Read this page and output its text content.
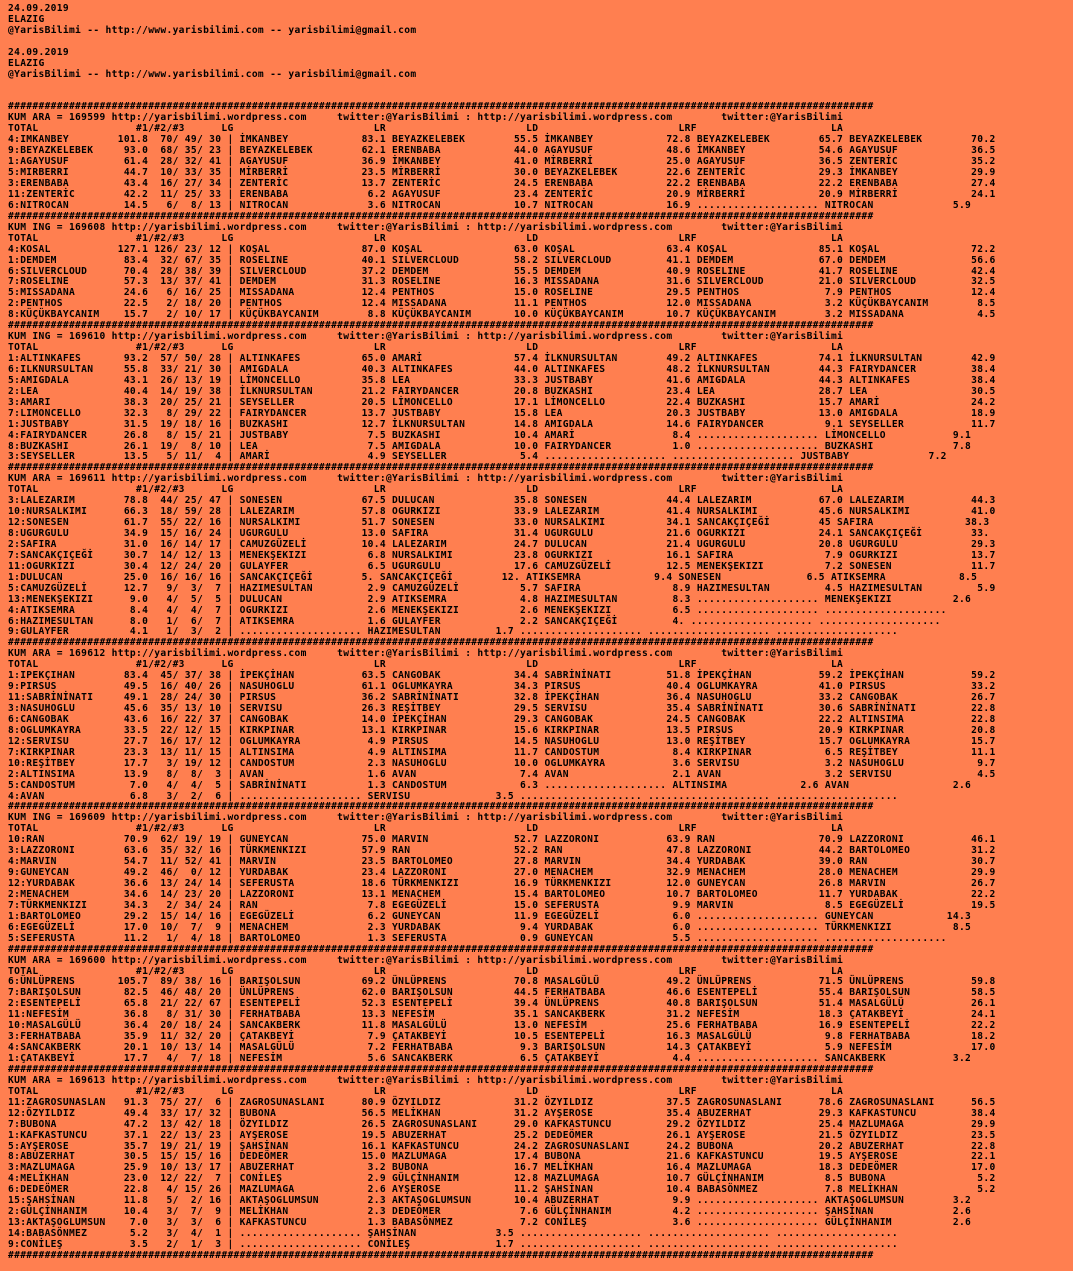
24.09.2019
ELAZIG
@YarisBilimi -- http://www.yarisbilimi.com -- yarisbilimi@gmail.com
24.09.2019
ELAZIG
@YarisBilimi -- http://www.yarisbilimi.com -- yarisbilimi@gmail.com
##############################################################################################################################################
KUM ARA = 169599 http://yarisbilimi.wordpress.com     twitter:@YarisBilimi : http://yarisbilimi.wordpress.com        twitter:@YarisBilimi
TOTAL                #1/#2/#3      LG                       LR                       LD                       LRF                      LA
4:IMKANBEY        101.8  70/ 49/ 30 | İMKANBEY            83.1 BEYAZKELEBEK        55.5 İMKANBEY            72.8 BEYAZKELEBEK        65.7 BEYAZKELEBEK        70.2
9:BEYAZKELEBEK     93.0  68/ 35/ 23 | BEYAZKELEBEK        62.1 ERENBABA            44.0 AGAYUSUF            48.6 İMKANBEY            54.6 AGAYUSUF            36.5
1:AGAYUSUF         61.4  28/ 32/ 41 | AGAYUSUF            36.9 İMKANBEY            41.0 MİRBERRİ            25.0 AGAYUSUF            36.5 ZENTERİC            35.2
5:MIRBERRI         44.7  10/ 33/ 35 | MİRBERRİ            23.5 MİRBERRİ            30.0 BEYAZKELEBEK        22.6 ZENTERİC            29.3 İMKANBEY            29.9
3:ERENBABA         43.4  16/ 27/ 34 | ZENTERİC            13.7 ZENTERİC            24.5 ERENBABA            22.2 ERENBABA            22.2 ERENBABA            27.4
11:ZENTERİC        42.2  11/ 25/ 33 | ERENBABA             6.2 AGAYUSUF            23.4 ZENTERİC            20.9 MİRBERRİ            20.9 MİRBERRİ            24.1
6:NITROCAN         14.5   6/  8/ 13 | NITROCAN             3.6 NITROCAN            10.7 NITROCAN            16.9 .................... NITROCAN             5.9
##############################################################################################################################################
KUM ING = 169608 http://yarisbilimi.wordpress.com     twitter:@YarisBilimi : http://yarisbilimi.wordpress.com        twitter:@YarisBilimi
TOTAL                #1/#2/#3      LG                       LR                       LD                       LRF                      LA
4:KOSAL           127.1 126/ 23/ 12 | KOŞAL               87.0 KOŞAL               63.0 KOŞAL               63.4 KOŞAL               85.1 KOŞAL               72.2
1:DEMDEM           83.4  32/ 67/ 35 | ROSELINE            40.1 SILVERCLOUD         58.2 SILVERCLOUD         41.1 DEMDEM              67.0 DEMDEM              56.6
6:SILVERCLOUD      70.4  28/ 38/ 39 | SILVERCLOUD         37.2 DEMDEM              55.5 DEMDEM              40.9 ROSELINE            41.7 ROSELINE            42.4
7:ROSELINE         57.3  13/ 37/ 41 | DEMDEM              31.3 ROSELINE            16.3 MISSADANA           31.6 SILVERCLOUD         21.0 SILVERCLOUD         32.5
5:MISSADANA        24.6   6/ 16/ 25 | MISSADANA           12.4 PENTHOS             15.0 ROSELINE            29.5 PENTHOS              7.9 PENTHOS             12.4
2:PENTHOS          22.5   2/ 18/ 20 | PENTHOS             12.4 MISSADANA           11.1 PENTHOS             12.0 MISSADANA            3.2 KÜÇÜKBAYCANIM        8.5
8:KÜÇÜKBAYCANIM    15.7   2/ 10/ 17 | KÜÇÜKBAYCANIM        8.8 KÜÇÜKBAYCANIM       10.0 KÜÇÜKBAYCANIM       10.7 KÜÇÜKBAYCANIM        3.2 MISSADANA            4.5
##############################################################################################################################################
KUM ING = 169610 http://yarisbilimi.wordpress.com     twitter:@YarisBilimi : http://yarisbilimi.wordpress.com        twitter:@YarisBilimi
TOTAL                #1/#2/#3      LG                       LR                       LD                       LRF                      LA
1:ALTINKAFES       93.2  57/ 50/ 28 | ALTINKAFES          65.0 AMARİ               57.4 İLKNURSULTAN        49.2 ALTINKAFES          74.1 İLKNURSULTAN        42.9
6:ILKNURSULTAN     55.8  33/ 21/ 30 | AMIGDALA            40.3 ALTINKAFES          44.0 ALTINKAFES          48.2 İLKNURSULTAN        44.3 FAIRYDANCER         38.4
5:AMIGDALA         43.1  26/ 13/ 19 | LİMONCELLO          35.8 LEA                 33.3 JUSTBABY            41.6 AMIGDALA            44.3 ALTINKAFES          38.4
2:LEA              40.4  14/ 19/ 38 | İLKNURSULTAN        21.2 FAIRYDANCER         20.8 BUZKASHI            23.4 LEA                 28.7 LEA                 30.5
3:AMARI            38.3  20/ 25/ 21 | SEYSELLER           20.5 LİMONCELLO          17.1 LİMONCELLO          22.4 BUZKASHI            15.7 AMARİ               24.2
7:LIMONCELLO       32.3   8/ 29/ 22 | FAIRYDANCER         13.7 JUSTBABY            15.8 LEA                 20.3 JUSTBABY            13.0 AMIGDALA            18.9
1:JUSTBABY         31.5  19/ 18/ 16 | BUZKASHI            12.7 İLKNURSULTAN        14.8 AMIGDALA            14.6 FAIRYDANCER          9.1 SEYSELLER           11.7
4:FAIRYDANCER      26.8   8/ 15/ 21 | JUSTBABY             7.5 BUZKASHI            10.4 AMARİ                8.4 .................... LİMONCELLO           9.1
8:BUZKASHI         26.1  19/  8/ 10 | LEA                  7.5 AMIGDALA            10.0 FAIRYDANCER          1.0 .................... BUZKASHI             7.8
3:SEYSELLER        13.5   5/ 11/  4 | AMARİ                4.9 SEYSELLER            5.4 .................... .................... JUSTBABY             7.2
##############################################################################################################################################
KUM ARA = 169611 http://yarisbilimi.wordpress.com     twitter:@YarisBilimi : http://yarisbilimi.wordpress.com        twitter:@YarisBilimi
TOTAL                #1/#2/#3      LG                       LR                       LD                       LRF                      LA
3:LALEZARIM        78.8  44/ 25/ 47 | SONESEN             67.5 DULUCAN             35.8 SONESEN             44.4 LALEZARIM           67.0 LALEZARIM           44.3
10:NURSALKIMI      66.3  18/ 59/ 28 | LALEZARIM           57.8 OGURKIZI            33.9 LALEZARIM           41.4 NURSALKIMI          45.6 NURSALKIMI          41.0
12:SONESEN         61.7  55/ 22/ 16 | NURSALKIMI          51.7 SONESEN             33.0 NURSALKIMI          34.1 SANCAKÇIÇEĞİ        45 SAFIRA               38.3
8:UGURGULU         34.9  15/ 16/ 24 | UGURGULU            13.0 SAFIRA              31.4 UGURGULU            21.6 OGURKIZI            24.1 SANCAKÇIÇEĞİ        33.
2:SAFIRA           31.0  16/ 14/ 17 | CAMUZGÜZELİ         10.4 LALEZARIM           24.7 DULUCAN             21.4 UGURGULU            20.8 UGURGULU            29.3
7:SANCAKÇIÇEĞİ     30.7  14/ 12/ 13 | MENEKŞEKIZI          6.8 NURSALKIMI          23.8 OGURKIZI            16.1 SAFIRA               7.9 OGURKIZI            13.7
11:OGURKIZI        30.4  12/ 24/ 20 | GULAYFER             6.5 UGURGULU            17.6 CAMUZGÜZELİ         12.5 MENEKŞEKIZI          7.2 SONESEN             11.7
1:DULUCAN          25.0  16/ 16/ 16 | SANCAKÇIÇEĞİ        5. SANCAKÇIÇEĞİ        12. ATIKSEMRA            9.4 SONESEN              6.5 ATIKSEMRA            8.5
5:CAMUZGÜZELİ      12.7   9/  3/  7 | HAZIMESULTAN         2.9 CAMUZGÜZELİ          5.7 SAFIRA               8.9 HAZIMESULTAN         4.5 HAZIMESULTAN         5.9
13:MENEKŞEKIZI      9.0   4/  5/  5 | DULUCAN              2.9 ATIKSEMRA            4.8 HAZIMESULTAN         8.3 .................... MENEKŞEKIZI          2.6
4:ATIKSEMRA         8.4   4/  4/  7 | OGURKIZI             2.6 MENEKŞEKIZI          2.6 MENEKŞEKIZI          6.5 .................... ....................
6:HAZIMESULTAN      8.0   1/  6/  7 | ATIKSEMRA            1.6 GULAYFER             2.2 SANCAKÇIÇEĞİ         4. .................... ....................
9:GULAYFER          4.1   1/  3/  2 | .................... HAZIMESULTAN         1.7 .................... .................... ....................
##############################################################################################################################################
KUM ARA = 169612 http://yarisbilimi.wordpress.com     twitter:@YarisBilimi : http://yarisbilimi.wordpress.com        twitter:@YarisBilimi
TOTAL                #1/#2/#3      LG                       LR                       LD                       LRF                      LA
1:IPEKÇIHAN        83.4  45/ 37/ 38 | İPEKÇİHAN           63.5 CANGOBAK            34.4 SABRİNİNATI         51.8 İPEKÇİHAN           59.2 İPEKÇİHAN           59.2
9:PIRSUS           49.5  16/ 40/ 26 | NASUHOGLU           61.1 OGLUMKAYRA          34.3 PIRSUS              40.4 OGLUMKAYRA          41.0 PIRSUS              33.2
11:SABRİNİNATI     49.1  28/ 24/ 30 | PIRSUS              36.2 SABRİNİNATI         32.8 İPEKÇİHAN           36.4 NASUHOGLU           33.2 CANGOBAK            26.7
3:NASUHOGLU        45.6  35/ 13/ 10 | SERVISU             26.3 REŞİTBEY            29.5 SERVISU             35.4 SABRİNİNATI         30.6 SABRİNİNATI         22.8
6:CANGOBAK         43.6  16/ 22/ 37 | CANGOBAK            14.0 İPEKÇİHAN           29.3 CANGOBAK            24.5 CANGOBAK            22.2 ALTINSIMA           22.8
8:OGLUMKAYRA       33.5  22/ 12/ 15 | KIRKPINAR           13.1 KIRKPINAR           15.6 KIRKPINAR           13.5 PIRSUS              20.9 KIRKPINAR           20.8
12:SERVISU         27.7  16/ 17/ 12 | OGLUMKAYRA           4.9 PIRSUS              14.5 NASUHOGLU           13.0 REŞİTBEY            15.7 OGLUMKAYRA          15.7
7:KIRKPINAR        23.3  13/ 11/ 15 | ALTINSIMA            4.9 ALTINSIMA           11.7 CANDOSTUM            8.4 KIRKPINAR            6.5 REŞİTBEY            11.1
10:REŞİTBEY        17.7   3/ 19/ 12 | CANDOSTUM            2.3 NASUHOGLU           10.0 OGLUMKAYRA           3.6 SERVISU              3.2 NASUHOGLU            9.7
2:ALTINSIMA        13.9   8/  8/  3 | AVAN                 1.6 AVAN                 7.4 AVAN                 2.1 AVAN                 3.2 SERVISU              4.5
5:CANDOSTUM         7.0   4/  4/  5 | SABRİNİNATI          1.3 CANDOSTUM            6.3 .................... ALTINSIMA            2.6 AVAN                 2.6
4:AVAN              6.8   3/  2/  6 | .................... SERVISU              3.5 .................... .................... ....................
##############################################################################################################################################
KUM ING = 169609 http://yarisbilimi.wordpress.com     twitter:@YarisBilimi : http://yarisbilimi.wordpress.com        twitter:@YarisBilimi
TOTAL                #1/#2/#3      LG                       LR                       LD                       LRF                      LA
10:RAN             70.9  62/ 19/ 19 | GUNEYCAN            75.0 MARVIN              52.7 LAZZORONI           63.9 RAN                 70.9 LAZZORONI           46.1
3:LAZZORONI        63.6  35/ 32/ 16 | TÜRKMENKIZI         57.9 RAN                 52.2 RAN                 47.8 LAZZORONI           44.2 BARTOLOMEO          31.2
4:MARVIN           54.7  11/ 52/ 41 | MARVIN              23.5 BARTOLOMEO          27.8 MARVIN              34.4 YURDABAK            39.0 RAN                 30.7
9:GUNEYCAN         49.2  46/  0/ 12 | YURDABAK            23.4 LAZZORONI           27.0 MENACHEM            32.9 MENACHEM            28.0 MENACHEM            29.9
12:YURDABAK        36.6  13/ 24/ 14 | SEFERUSTA           18.6 TÜRKMENKIZI         16.9 TÜRKMENKIZI         12.0 GUNEYCAN            26.8 MARVIN              26.7
2:MENACHEM         34.6  14/ 23/ 20 | LAZZORONI           13.1 MENACHEM            15.4 BARTOLOMEO          10.7 BARTOLOMEO          11.7 YURDABAK            22.2
7:TÜRKMENKIZI      34.3   2/ 34/ 24 | RAN                  7.8 EGEGÜZELİ           15.0 SEFERUSTA            9.9 MARVIN               8.5 EGEGÜZELİ           19.5
1:BARTOLOMEO       29.2  15/ 14/ 16 | EGEGÜZELİ            6.2 GUNEYCAN            11.9 EGEGÜZELİ            6.0 .................... GUNEYCAN            14.3
6:EGEGÜZELİ        17.0  10/  7/  9 | MENACHEM             2.3 YURDABAK             9.4 YURDABAK             6.0 .................... TÜRKMENKIZI          8.5
5:SEFERUSTA        11.2   1/  4/ 18 | BARTOLOMEO           1.3 SEFERUSTA            0.9 GUNEYCAN             5.5 .................... ....................
##############################################################################################################################################
KUM ARA = 169600 http://yarisbilimi.wordpress.com     twitter:@YarisBilimi : http://yarisbilimi.wordpress.com        twitter:@YarisBilimi
TOTAL                #1/#2/#3      LG                       LR                       LD                       LRF                      LA
6:ÜNLÜPRENS       105.7  89/ 38/ 16 | BARIŞOLSUN          69.2 ÜNLÜPRENS           70.8 MASALGÜLÜ           49.2 ÜNLÜPRENS           71.5 ÜNLÜPRENS           59.8
7:BARIŞOLSUN       82.5  46/ 48/ 20 | ÜNLÜPRENS           62.0 BARIŞOLSUN          44.5 FERHATBABA          46.6 ESENTEPELİ          55.4 BARIŞOLSUN          58.5
2:ESENTEPELİ       65.8  21/ 22/ 67 | ESENTEPELİ          52.3 ESENTEPELİ          39.4 ÜNLÜPRENS           40.8 BARIŞOLSUN          51.4 MASALGÜLÜ           26.1
11:NEFESİM         36.8   8/ 31/ 30 | FERHATBABA          13.3 NEFESİM             35.1 SANCAKBERK          31.2 NEFESİM             18.3 ÇATAKBEYİ           24.1
10:MASALGÜLÜ       36.4  20/ 18/ 24 | SANCAKBERK          11.8 MASALGÜLÜ           13.0 NEFESİM             25.6 FERHATBABA          16.9 ESENTEPELİ          22.2
3:FERHATBABA       35.9  11/ 32/ 20 | ÇATAKBEYİ            7.9 ÇATAKBEYİ           10.5 ESENTEPELİ          16.3 MASALGÜLÜ            9.8 FERHATBABA          18.2
4:SANCAKBERK       20.1  10/ 13/ 14 | MASALGÜLÜ            7.2 FERHATBABA           9.3 BARIŞOLSUN          14.3 ÇATAKBEYİ            5.9 NEFESİM             17.0
1:ÇATAKBEYİ        17.7   4/  7/ 18 | NEFESİM              5.6 SANCAKBERK           6.5 ÇATAKBEYİ            4.4 .................... SANCAKBERK           3.2
##############################################################################################################################################
KUM ARA = 169613 http://yarisbilimi.wordpress.com     twitter:@YarisBilimi : http://yarisbilimi.wordpress.com        twitter:@YarisBilimi
TOTAL                #1/#2/#3      LG                       LR                       LD                       LRF                      LA
11:ZAGROSUNASLAN   91.3  75/ 27/  6 | ZAGROSUNASLANI      80.9 ÖZYILDIZ            31.2 ÖZYILDIZ            37.5 ZAGROSUNASLANI      78.6 ZAGROSUNASLANI      56.5
12:ÖZYILDIZ        49.4  33/ 17/ 32 | BUBONA              56.5 MELİKHAN            31.2 AYŞEROSE            35.4 ABUZERHAT           29.3 KAFKASTUNCU         38.4
7:BUBONA           47.2  13/ 42/ 18 | ÖZYILDIZ            26.5 ZAGROSUNASLANI      29.0 KAFKASTUNCU         29.2 ÖZYILDIZ            25.4 MAZLUMAGA           29.9
1:KAFKASTUNCU      37.1  22/ 13/ 23 | AYŞEROSE            19.5 ABUZERHAT           25.2 DEDEÖMER            26.1 AYŞEROSE            21.5 ÖZYILDIZ            23.5
5:AYŞEROSE         35.7  19/ 21/ 19 | ŞAHSİNAN            16.1 KAFKASTUNCU         24.2 ZAGROSUNASLANI      24.2 BUBONA              20.2 ABUZERHAT           22.8
8:ABUZERHAT        30.5  15/ 15/ 16 | DEDEÖMER            15.0 MAZLUMAGA           17.4 BUBONA              21.6 KAFKASTUNCU         19.5 AYŞEROSE            22.1
3:MAZLUMAGA        25.9  10/ 13/ 17 | ABUZERHAT            3.2 BUBONA              16.7 MELİKHAN            16.4 MAZLUMAGA           18.3 DEDEÖMER            17.0
4:MELİKHAN         23.0  12/ 22/  7 | CONİLEŞ              2.9 GÜLÇİNHANIM         12.8 MAZLUMAGA           10.7 GÜLÇİNHANIM          8.5 BUBONA               5.2
6:DEDEÖMER         22.8   4/ 15/ 26 | MAZLUMAGA            2.6 AYŞEROSE            11.2 ŞAHSİNAN            10.4 BABASÖNMEZ           7.8 MELİKHAN             5.2
15:ŞAHSİNAN        11.8   5/  2/ 16 | AKTAŞOGLUMSUN        2.3 AKTAŞOGLUMSUN       10.4 ABUZERHAT            9.9 .................... AKTAŞOGLUMSUN        3.2
2:GÜLÇİNHANIM      10.4   3/  7/  9 | MELİKHAN             2.3 DEDEÖMER             7.6 GÜLÇİNHANIM          4.2 .................... ŞAHSİNAN             2.6
13:AKTAŞOGLUMSUN    7.0   3/  3/  6 | KAFKASTUNCU          1.3 BABASÖNMEZ           7.2 CONİLEŞ              3.6 .................... GÜLÇİNHANIM          2.6
14:BABASÖNMEZ       5.2   3/  4/  1 | .................... ŞAHSİNAN             3.5 .................... .................... ....................
9:CONİLEŞ           3.5   2/  1/  3 | .................... CONİLEŞ              1.7 .................... .................... ....................
##############################################################################################################################################
